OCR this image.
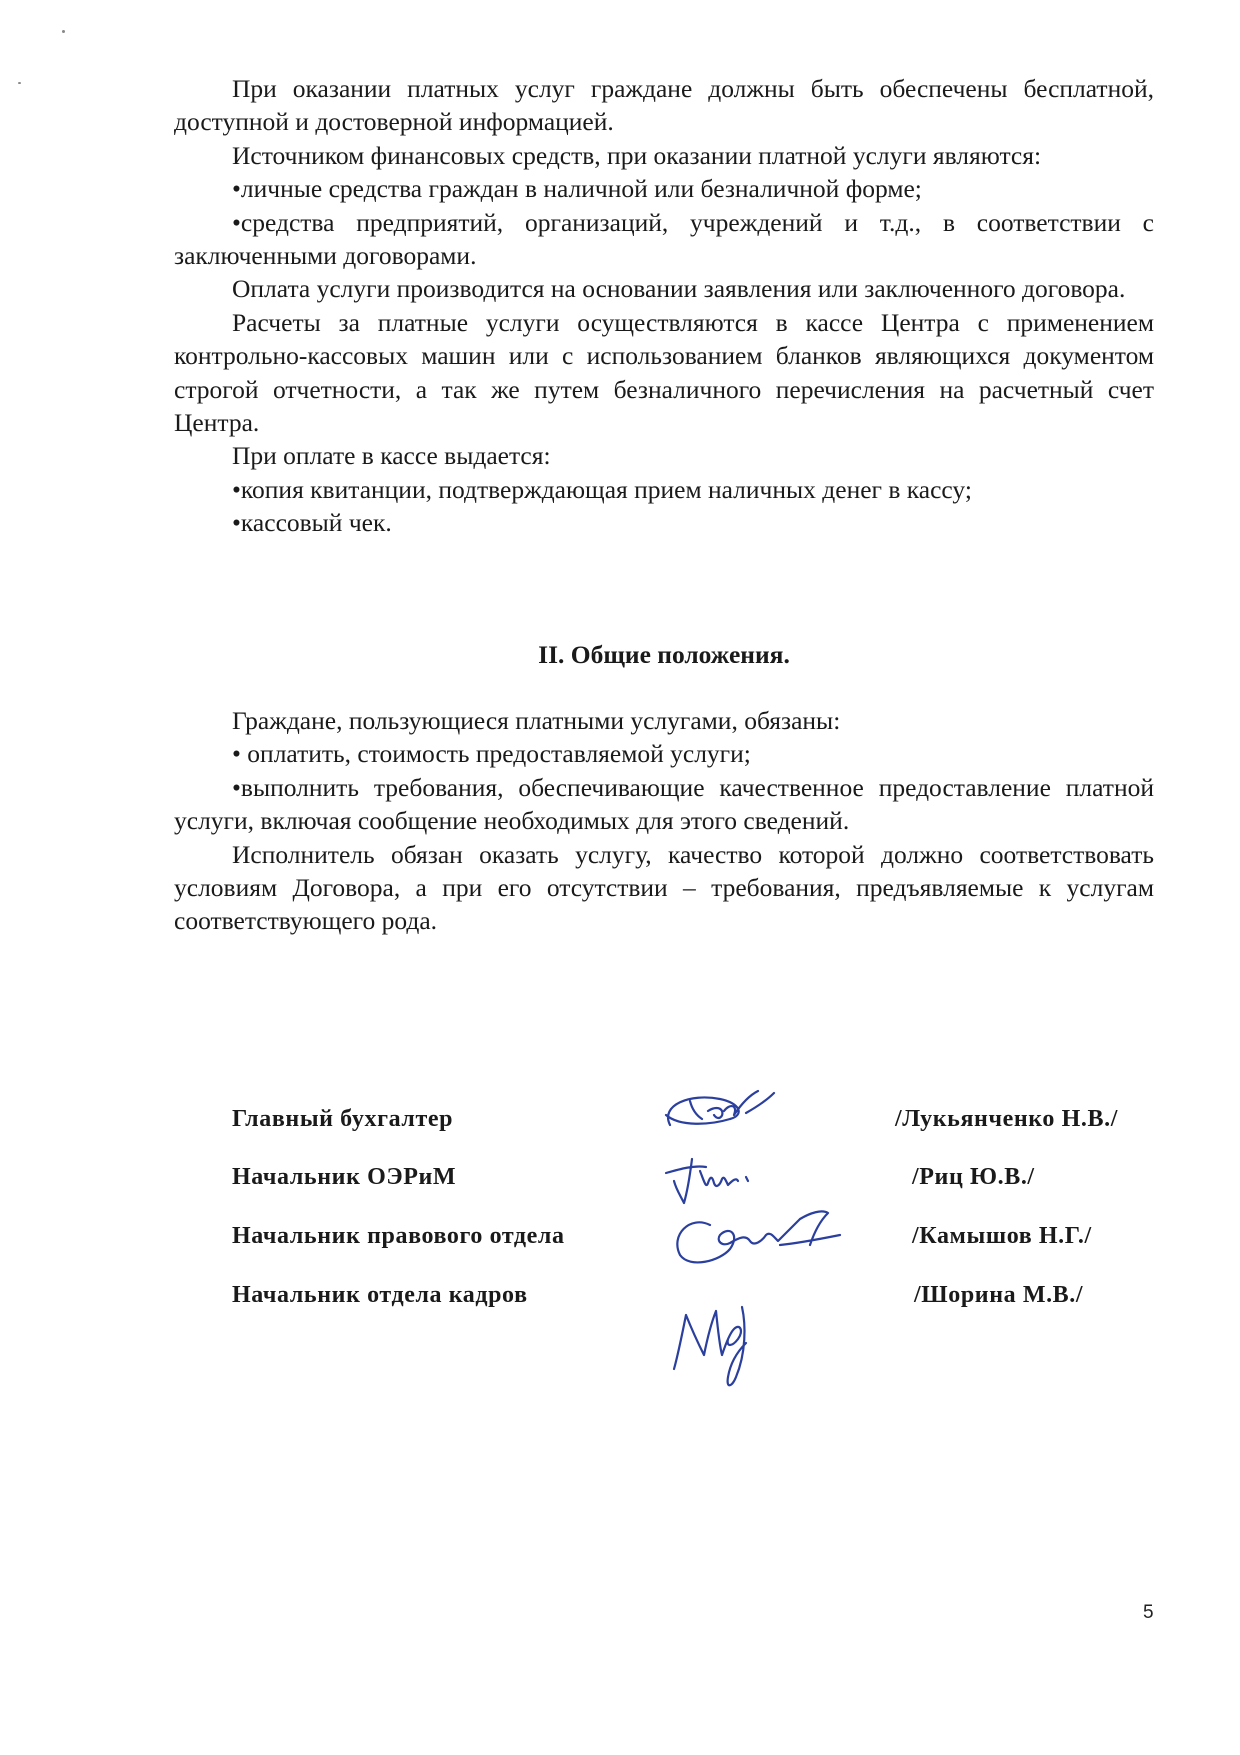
При оказании платных услуг граждане должны быть обеспечены бесплатной, доступной и достоверной информацией.

Источником финансовых средств, при оказании платной услуги являются:

•личные средства граждан в наличной или безналичной форме;

•средства предприятий, организаций, учреждений и т.д., в соответствии с заключенными договорами.

Оплата услуги производится на основании заявления или заключенного договора.

Расчеты за платные услуги осуществляются в кассе Центра с применением контрольно-кассовых машин или с использованием бланков являющихся документом строгой отчетности, а так же путем безналичного перечисления на расчетный счет Центра.

При оплате в кассе выдается:

•копия квитанции, подтверждающая прием наличных денег в кассу;

•кассовый чек.

II. Общие положения.

Граждане, пользующиеся платными услугами, обязаны:

• оплатить, стоимость предоставляемой услуги;

•выполнить требования, обеспечивающие качественное предоставление платной услуги, включая сообщение необходимых для этого сведений.

Исполнитель обязан оказать услугу, качество которой должно соответствовать условиям Договора, а при его отсутствии – требования, предъявляемые к услугам соответствующего рода.

Главный бухгалтер	/Лукьянченко Н.В./
Начальник ОЭРиМ	/Риц Ю.В./
Начальник правового отдела	/Камышов Н.Г./
Начальник отдела кадров	/Шорина М.В./
5
